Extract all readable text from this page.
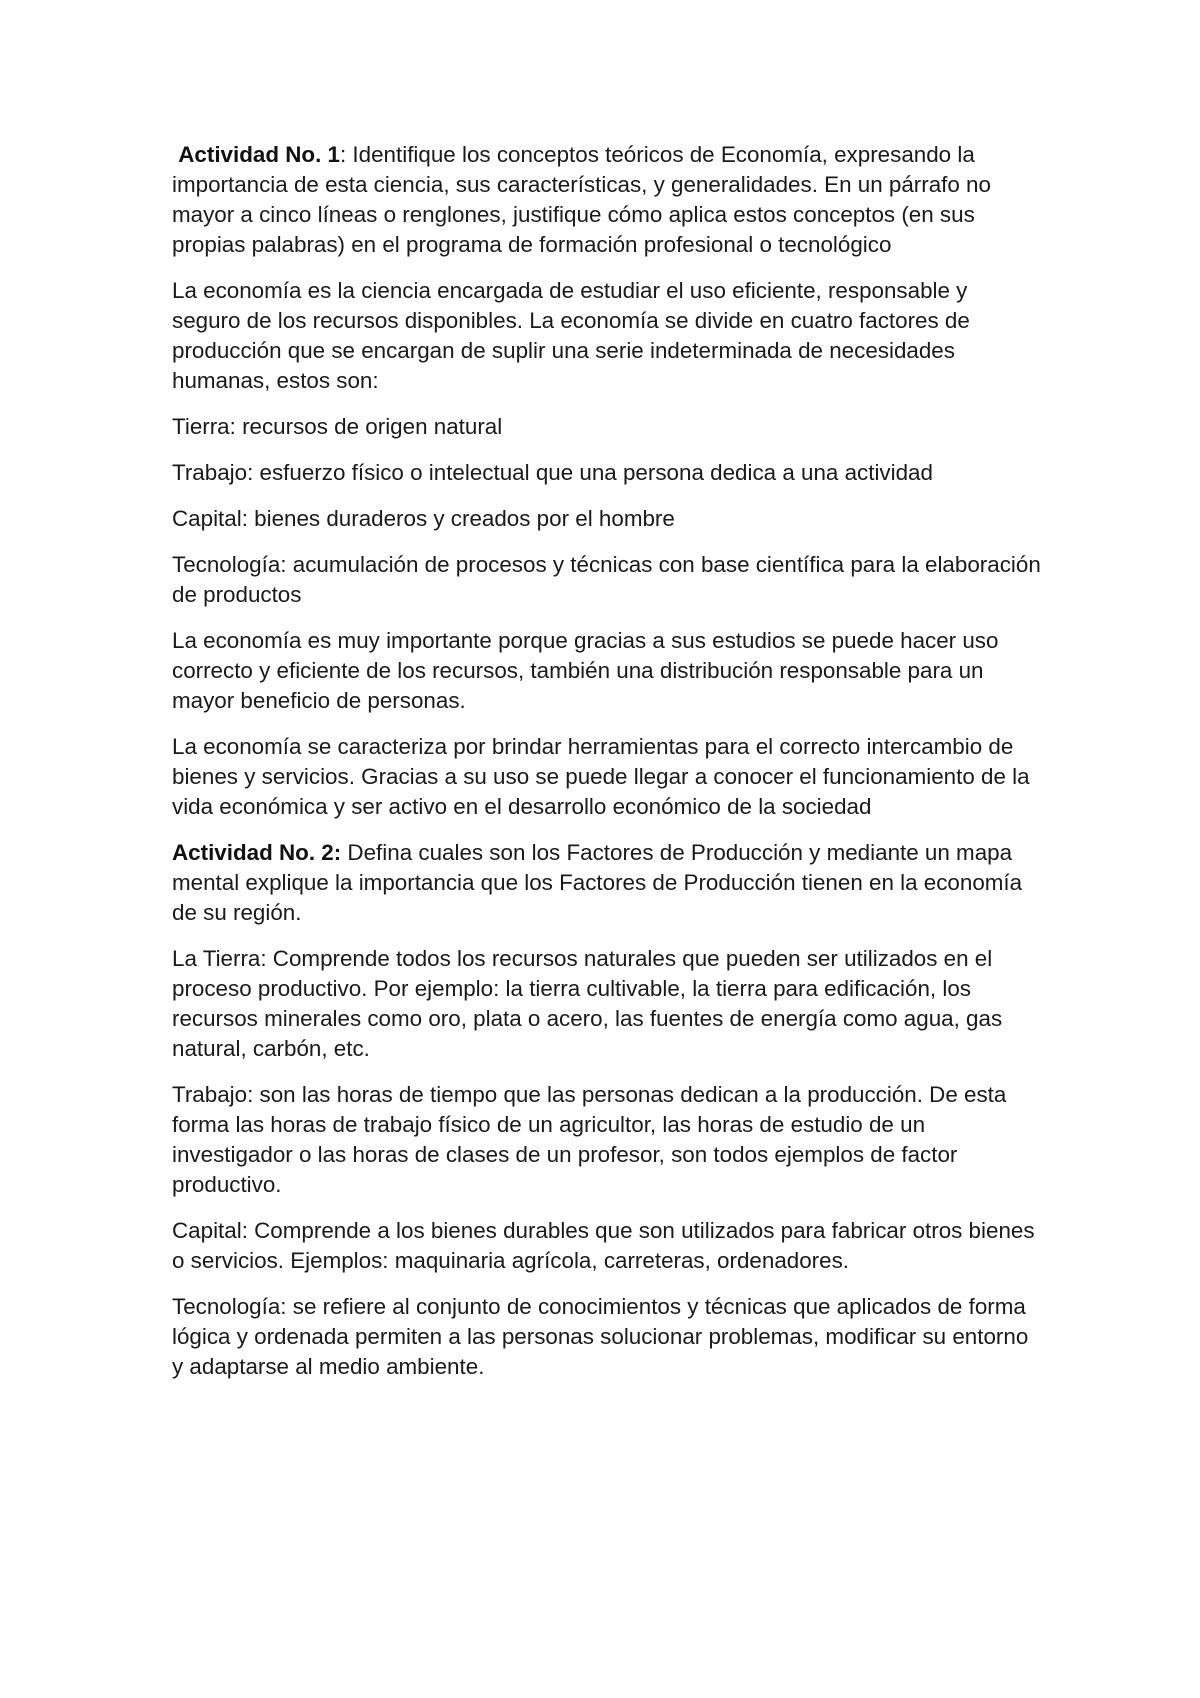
Actividad No. 1: Identifique los conceptos teóricos de Economía, expresando la importancia de esta ciencia, sus características, y generalidades. En un párrafo no mayor a cinco líneas o renglones, justifique cómo aplica estos conceptos (en sus propias palabras) en el programa de formación profesional o tecnológico

La economía es la ciencia encargada de estudiar el uso eficiente, responsable y seguro de los recursos disponibles. La economía se divide en cuatro factores de producción que se encargan de suplir una serie indeterminada de necesidades humanas, estos son:

Tierra: recursos de origen natural

Trabajo: esfuerzo físico o intelectual que una persona dedica a una actividad

Capital: bienes duraderos y creados por el hombre

Tecnología: acumulación de procesos y técnicas con base científica para la elaboración de productos

La economía es muy importante porque gracias a sus estudios se puede hacer uso correcto y eficiente de los recursos, también una distribución responsable para un mayor beneficio de personas.

La economía se caracteriza por brindar herramientas para el correcto intercambio de bienes y servicios. Gracias a su uso se puede llegar a conocer el funcionamiento de la vida económica y ser activo en el desarrollo económico de la sociedad

Actividad No. 2: Defina cuales son los Factores de Producción y mediante un mapa mental explique la importancia que los Factores de Producción tienen en la economía de su región.

La Tierra: Comprende todos los recursos naturales que pueden ser utilizados en el proceso productivo. Por ejemplo: la tierra cultivable, la tierra para edificación, los recursos minerales como oro, plata o acero, las fuentes de energía como agua, gas natural, carbón, etc.

Trabajo: son las horas de tiempo que las personas dedican a la producción. De esta forma las horas de trabajo físico de un agricultor, las horas de estudio de un investigador o las horas de clases de un profesor, son todos ejemplos de factor productivo.

Capital: Comprende a los bienes durables que son utilizados para fabricar otros bienes o servicios. Ejemplos: maquinaria agrícola, carreteras, ordenadores.

Tecnología: se refiere al conjunto de conocimientos y técnicas que aplicados de forma lógica y ordenada permiten a las personas solucionar problemas, modificar su entorno y adaptarse al medio ambiente.
